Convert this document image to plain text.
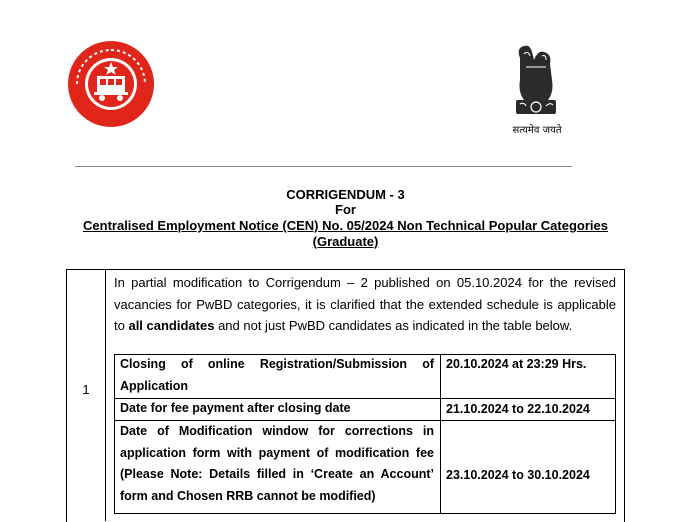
सत्यमेव जयते
CORRIGENDUM - 3
For
Centralised Employment Notice (CEN) No. 05/2024 Non Technical Popular Categories
(Graduate)
1
In partial modification to Corrigendum – 2 published on 05.10.2024 for the revised vacancies for PwBD categories, it is clarified that the extended schedule is applicable to all candidates and not just PwBD candidates as indicated in the table below.
Closing of online Registration/Submission of Application
20.10.2024 at 23:29 Hrs.
Date for fee payment after closing date	21.10.2024 to 22.10.2024
Date of Modification window for corrections in application form with payment of modification fee (Please Note: Details filled in ‘Create an Account’ form and Chosen RRB cannot be modified)
23.10.2024 to 30.10.2024
